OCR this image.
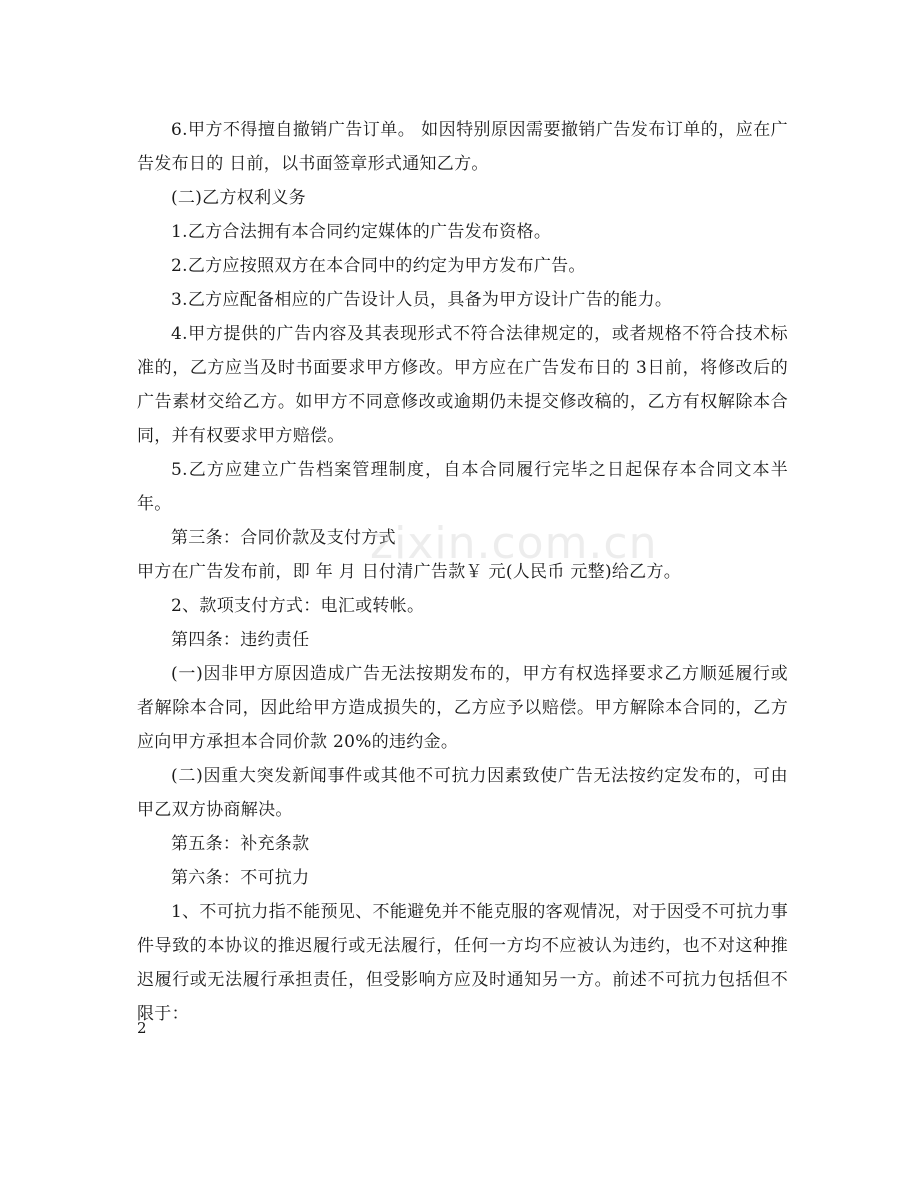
6.甲方不得擅自撤销广告订单。 如因特别原因需要撤销广告发布订单的，应在广告发布日的 日前，以书面签章形式通知乙方。

(二)乙方权利义务

1.乙方合法拥有本合同约定媒体的广告发布资格。

2.乙方应按照双方在本合同中的约定为甲方发布广告。

3.乙方应配备相应的广告设计人员，具备为甲方设计广告的能力。

4.甲方提供的广告内容及其表现形式不符合法律规定的，或者规格不符合技术标准的，乙方应当及时书面要求甲方修改。甲方应在广告发布日的 3日前，将修改后的广告素材交给乙方。如甲方不同意修改或逾期仍未提交修改稿的，乙方有权解除本合同，并有权要求甲方赔偿。

5.乙方应建立广告档案管理制度，自本合同履行完毕之日起保存本合同文本半年。

第三条：合同价款及支付方式

甲方在广告发布前，即 年 月 日付清广告款￥ 元(人民币 元整)给乙方。

2、款项支付方式：电汇或转帐。

第四条：违约责任

(一)因非甲方原因造成广告无法按期发布的，甲方有权选择要求乙方顺延履行或者解除本合同，因此给甲方造成损失的，乙方应予以赔偿。甲方解除本合同的，乙方应向甲方承担本合同价款 20%的违约金。

(二)因重大突发新闻事件或其他不可抗力因素致使广告无法按约定发布的，可由甲乙双方协商解决。

第五条：补充条款

第六条：不可抗力

1、不可抗力指不能预见、不能避免并不能克服的客观情况，对于因受不可抗力事件导致的本协议的推迟履行或无法履行，任何一方均不应被认为违约，也不对这种推迟履行或无法履行承担责任，但受影响方应及时通知另一方。前述不可抗力包括但不限于：

zixin.com.cn
2
